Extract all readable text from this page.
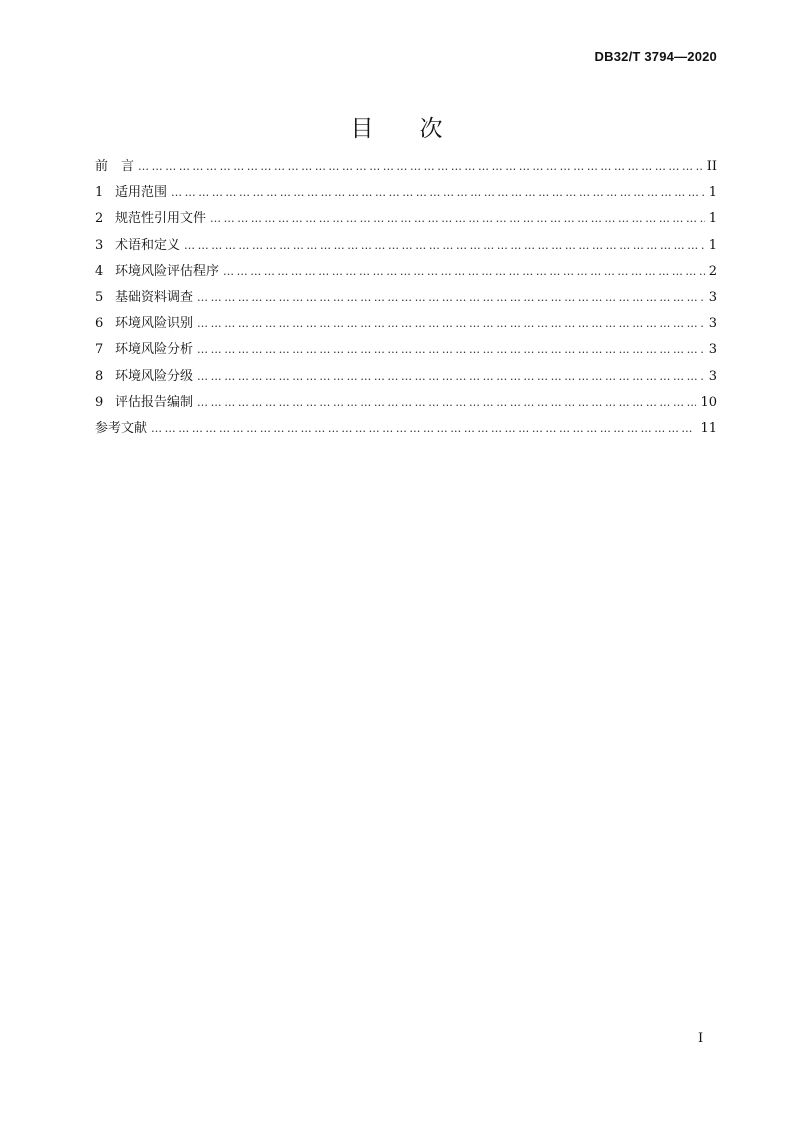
DB32/T 3794—2020
目 次
前　言 ……………………………………………………………………………………………………………………………………………………………………………………………………	II
1 适用范围 ……………………………………………………………………………………………………………………………………………………………………………………………………	1
2 规范性引用文件 ……………………………………………………………………………………………………………………………………………………………………………………………………	1
3 术语和定义 ……………………………………………………………………………………………………………………………………………………………………………………………………	1
4 环境风险评估程序 ……………………………………………………………………………………………………………………………………………………………………………………………………	2
5 基础资料调查 ……………………………………………………………………………………………………………………………………………………………………………………………………	3
6 环境风险识别 ……………………………………………………………………………………………………………………………………………………………………………………………………	3
7 环境风险分析 ……………………………………………………………………………………………………………………………………………………………………………………………………	3
8 环境风险分级 ……………………………………………………………………………………………………………………………………………………………………………………………………	3
9 评估报告编制 ……………………………………………………………………………………………………………………………………………………………………………………………………	10
参考文献 ……………………………………………………………………………………………………………………………………………………………………………………………………	11
I
